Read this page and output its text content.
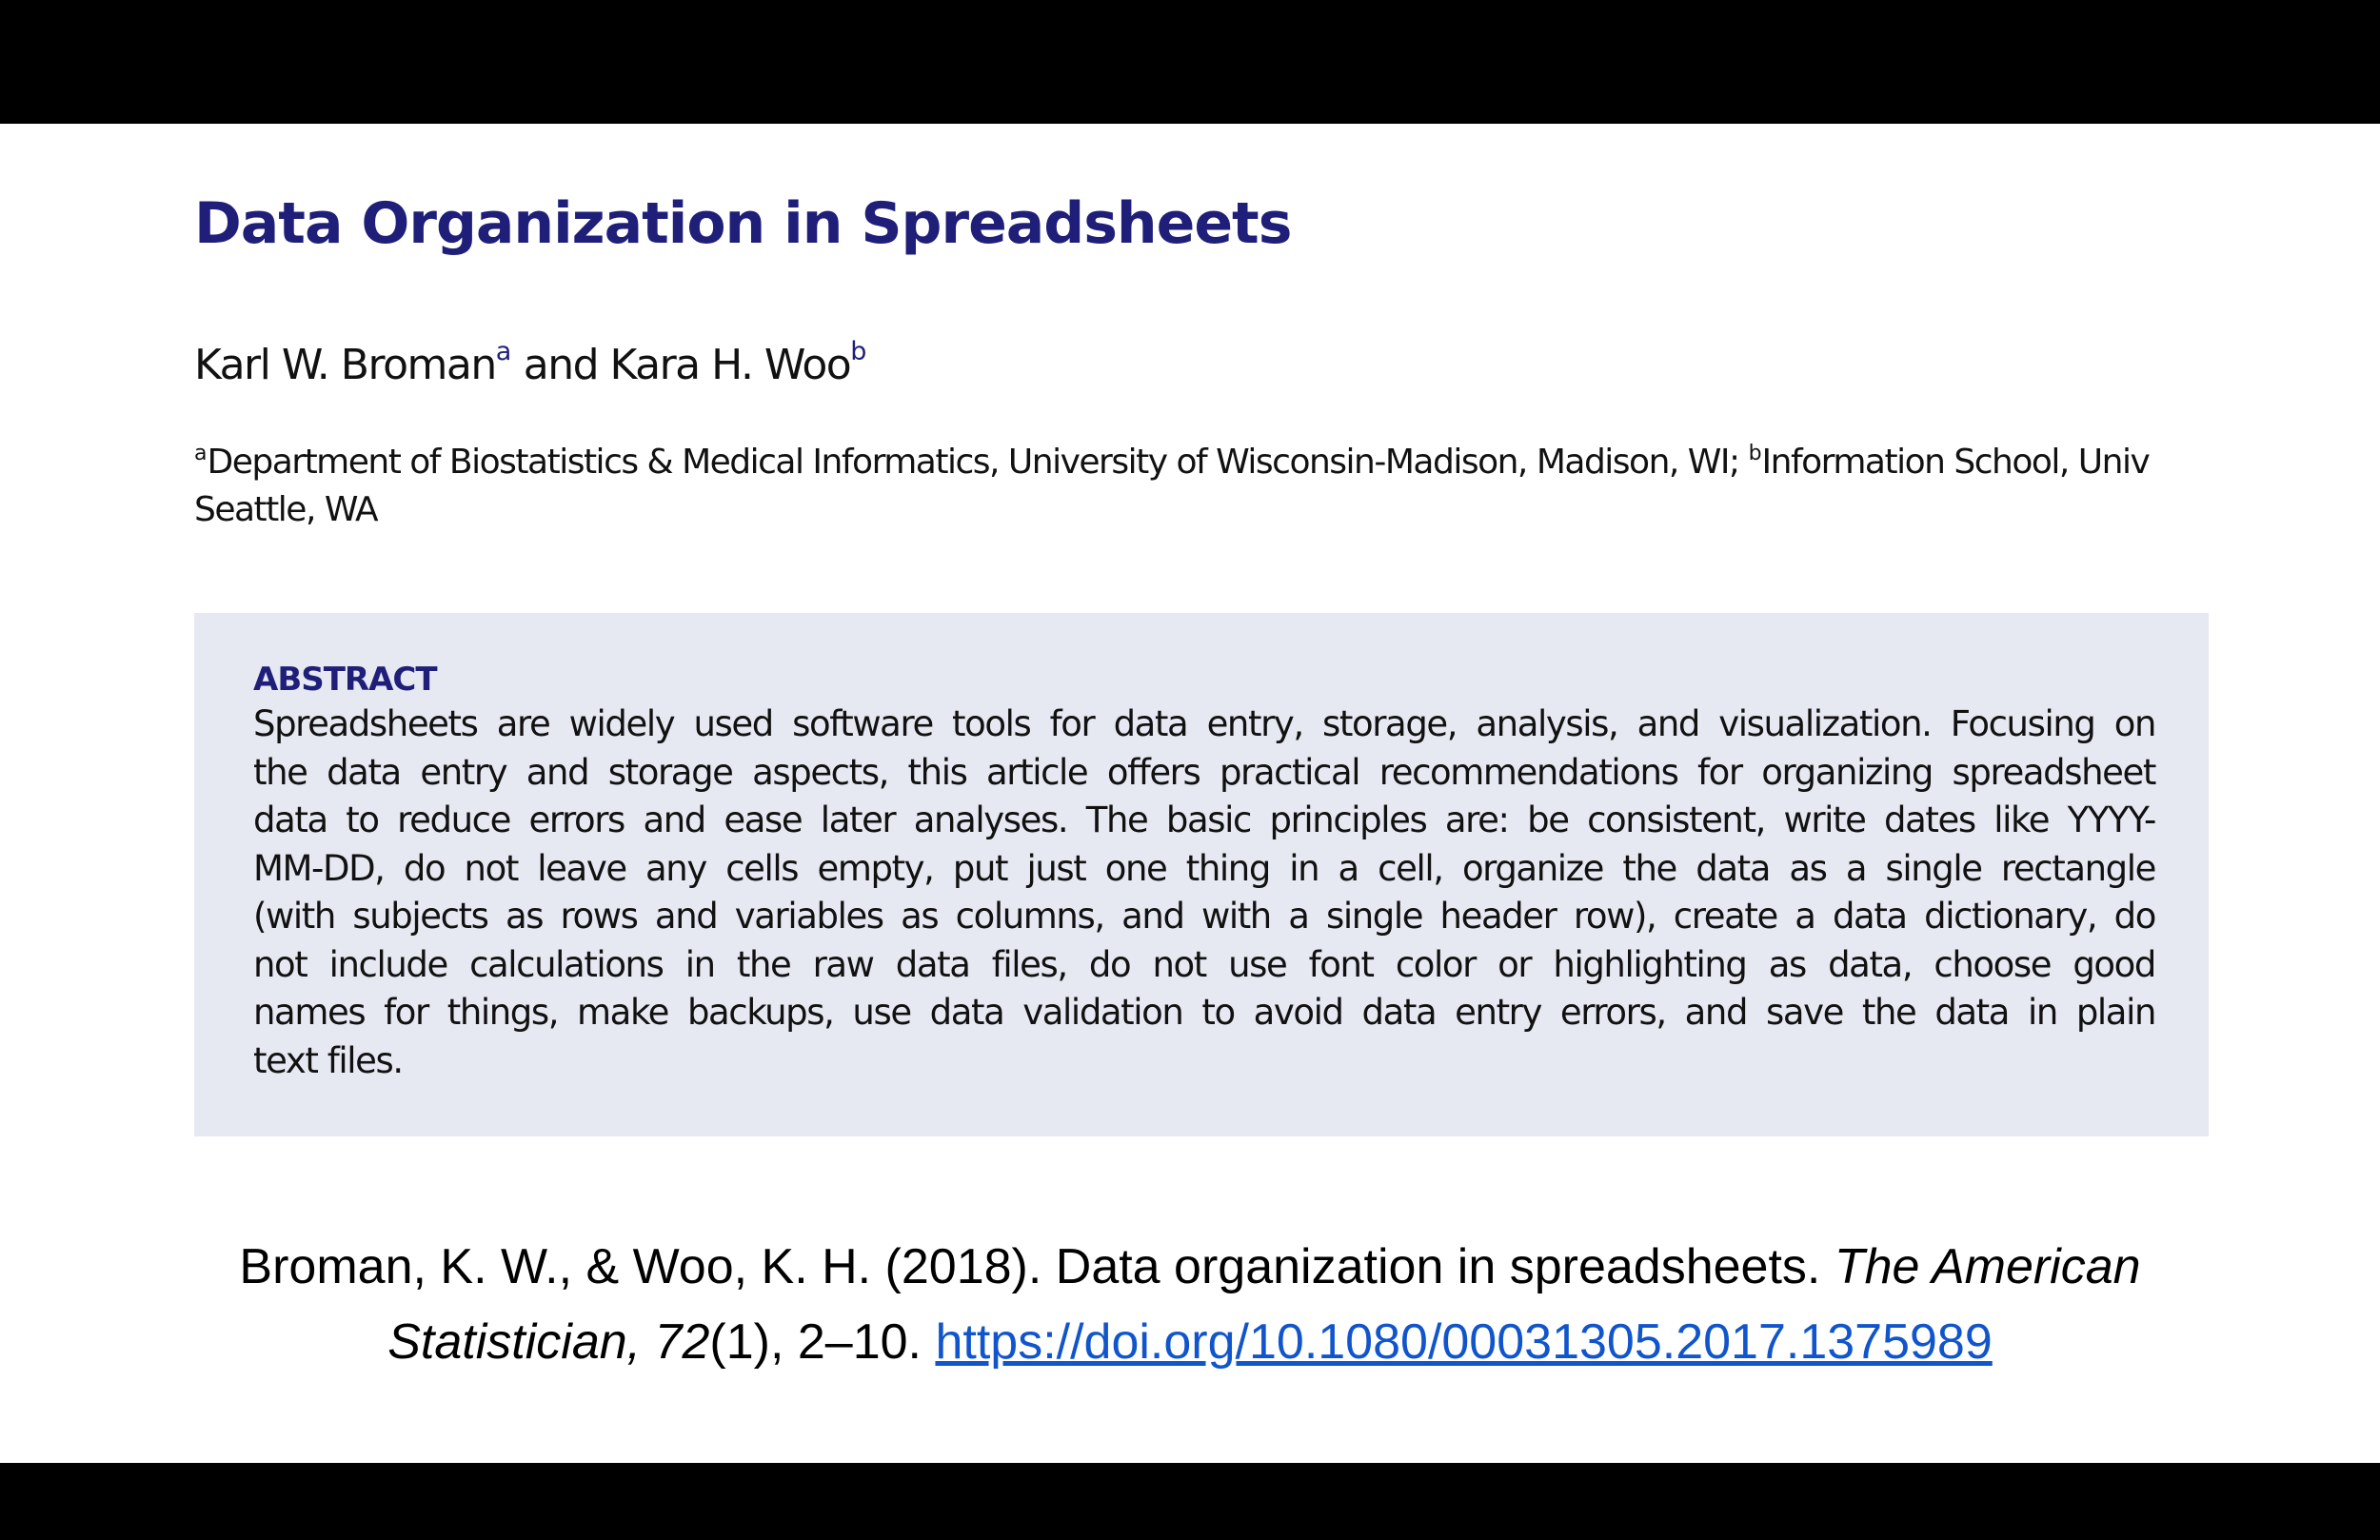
Data Organization in Spreadsheets
Karl W. Broman$^a$ and Kara H. Woo$^b$
$^a$Department of Biostatistics & Medical Informatics, University of Wisconsin-Madison, Madison, WI; $^b$Information School, Univ
Seattle, WA
ABSTRACT
Spreadsheets are widely used software tools for data entry, storage, analysis, and visualization. Focusing on
the data entry and storage aspects, this article offers practical recommendations for organizing spreadsheet
data to reduce errors and ease later analyses. The basic principles are: be consistent, write dates like YYYY-
MM-DD, do not leave any cells empty, put just one thing in a cell, organize the data as a single rectangle
(with subjects as rows and variables as columns, and with a single header row), create a data dictionary, do
not include calculations in the raw data files, do not use font color or highlighting as data, choose good
names for things, make backups, use data validation to avoid data entry errors, and save the data in plain
text files.
Broman, K. W., & Woo, K. H. (2018). Data organization in spreadsheets. The American
Statistician, 72(1), 2–10. https://doi.org/10.1080/00031305.2017.1375989
